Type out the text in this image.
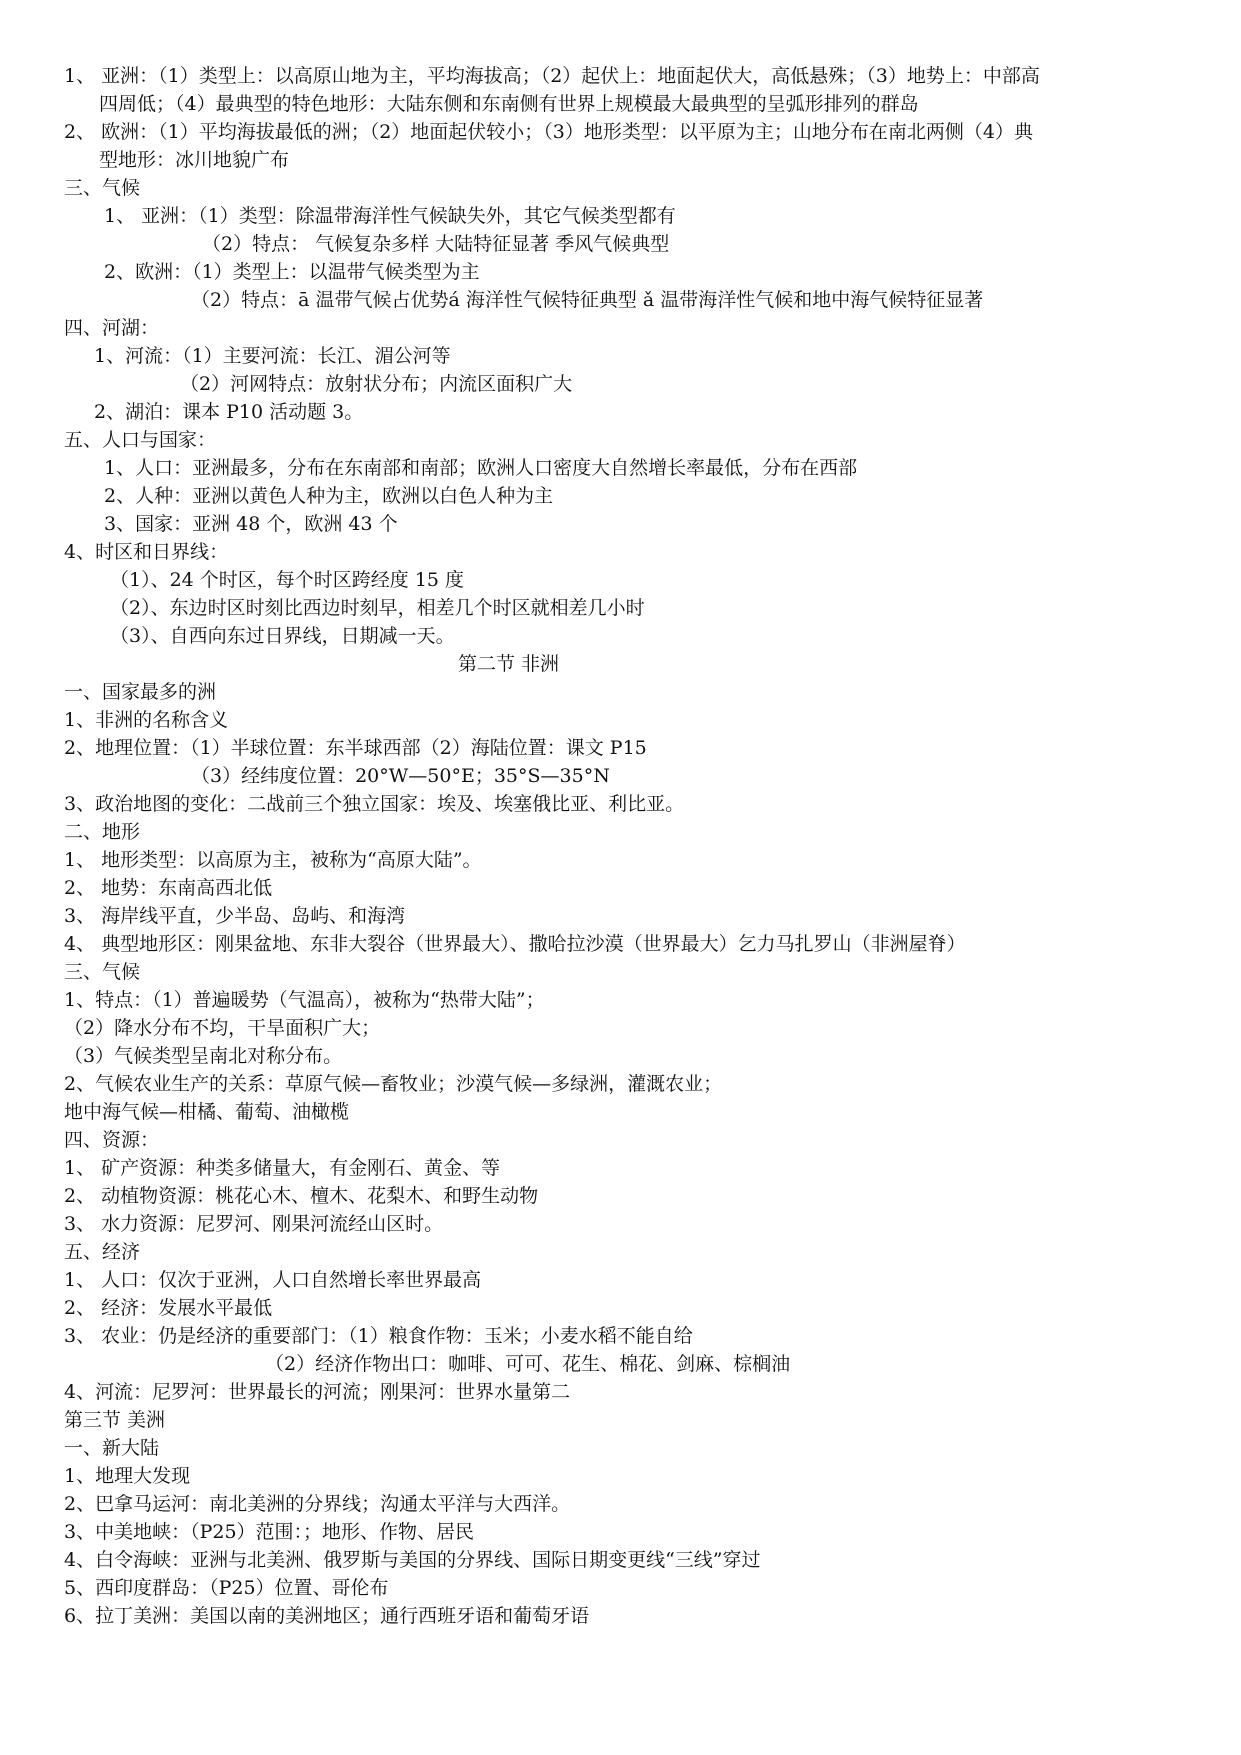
1、 亚洲：（1）类型上：以高原山地为主，平均海拔高；（2）起伏上：地面起伏大，高低悬殊；（3）地势上：中部高
四周低；（4）最典型的特色地形：大陆东侧和东南侧有世界上规模最大最典型的呈弧形排列的群岛
2、 欧洲：（1）平均海拔最低的洲；（2）地面起伏较小；（3）地形类型：以平原为主；山地分布在南北两侧（4）典
型地形：冰川地貌广布
三、气候
1、 亚洲：（1）类型：除温带海洋性气候缺失外，其它气候类型都有
（2）特点： 气候复杂多样 大陆特征显著 季风气候典型
2、欧洲：（1）类型上：以温带气候类型为主
（2）特点：ā 温带气候占优势á 海洋性气候特征典型 ǎ 温带海洋性气候和地中海气候特征显著
四、河湖：
1、河流：（1）主要河流：长江、湄公河等
（2）河网特点：放射状分布；内流区面积广大
2、湖泊：课本 P10 活动题 3。
五、人口与国家：
1、人口：亚洲最多，分布在东南部和南部；欧洲人口密度大自然增长率最低，分布在西部
2、人种：亚洲以黄色人种为主，欧洲以白色人种为主
3、国家：亚洲 48 个，欧洲 43 个
4、时区和日界线：
（1）、24 个时区，每个时区跨经度 15 度
（2）、东边时区时刻比西边时刻早，相差几个时区就相差几小时
（3）、自西向东过日界线，日期减一天。
第二节 非洲
一、国家最多的洲
1、非洲的名称含义
2、地理位置：（1）半球位置：东半球西部（2）海陆位置：课文 P15
（3）经纬度位置：20°W—50°E；35°S—35°N
3、政治地图的变化：二战前三个独立国家：埃及、埃塞俄比亚、利比亚。
二、地形
1、 地形类型：以高原为主，被称为“高原大陆”。
2、 地势：东南高西北低
3、 海岸线平直，少半岛、岛屿、和海湾
4、 典型地形区：刚果盆地、东非大裂谷（世界最大）、撒哈拉沙漠（世界最大）乞力马扎罗山（非洲屋脊）
三、气候
1、特点：（1）普遍暖势（气温高），被称为“热带大陆”；
（2）降水分布不均，干旱面积广大；
（3）气候类型呈南北对称分布。
2、气候农业生产的关系：草原气候—畜牧业；沙漠气候—多绿洲，灌溉农业；
地中海气候—柑橘、葡萄、油橄榄
四、资源：
1、 矿产资源：种类多储量大，有金刚石、黄金、等
2、 动植物资源：桃花心木、檀木、花梨木、和野生动物
3、 水力资源：尼罗河、刚果河流经山区时。
五、经济
1、 人口：仅次于亚洲，人口自然增长率世界最高
2、 经济：发展水平最低
3、 农业：仍是经济的重要部门：（1）粮食作物：玉米；小麦水稻不能自给
（2）经济作物出口：咖啡、可可、花生、棉花、剑麻、棕榈油
4、河流：尼罗河：世界最长的河流；刚果河：世界水量第二
第三节 美洲
一、新大陆
1、地理大发现
2、巴拿马运河：南北美洲的分界线；沟通太平洋与大西洋。
3、中美地峡：（P25）范围：；地形、作物、居民
4、白令海峡：亚洲与北美洲、俄罗斯与美国的分界线、国际日期变更线“三线”穿过
5、西印度群岛：（P25）位置、哥伦布
6、拉丁美洲：美国以南的美洲地区；通行西班牙语和葡萄牙语
